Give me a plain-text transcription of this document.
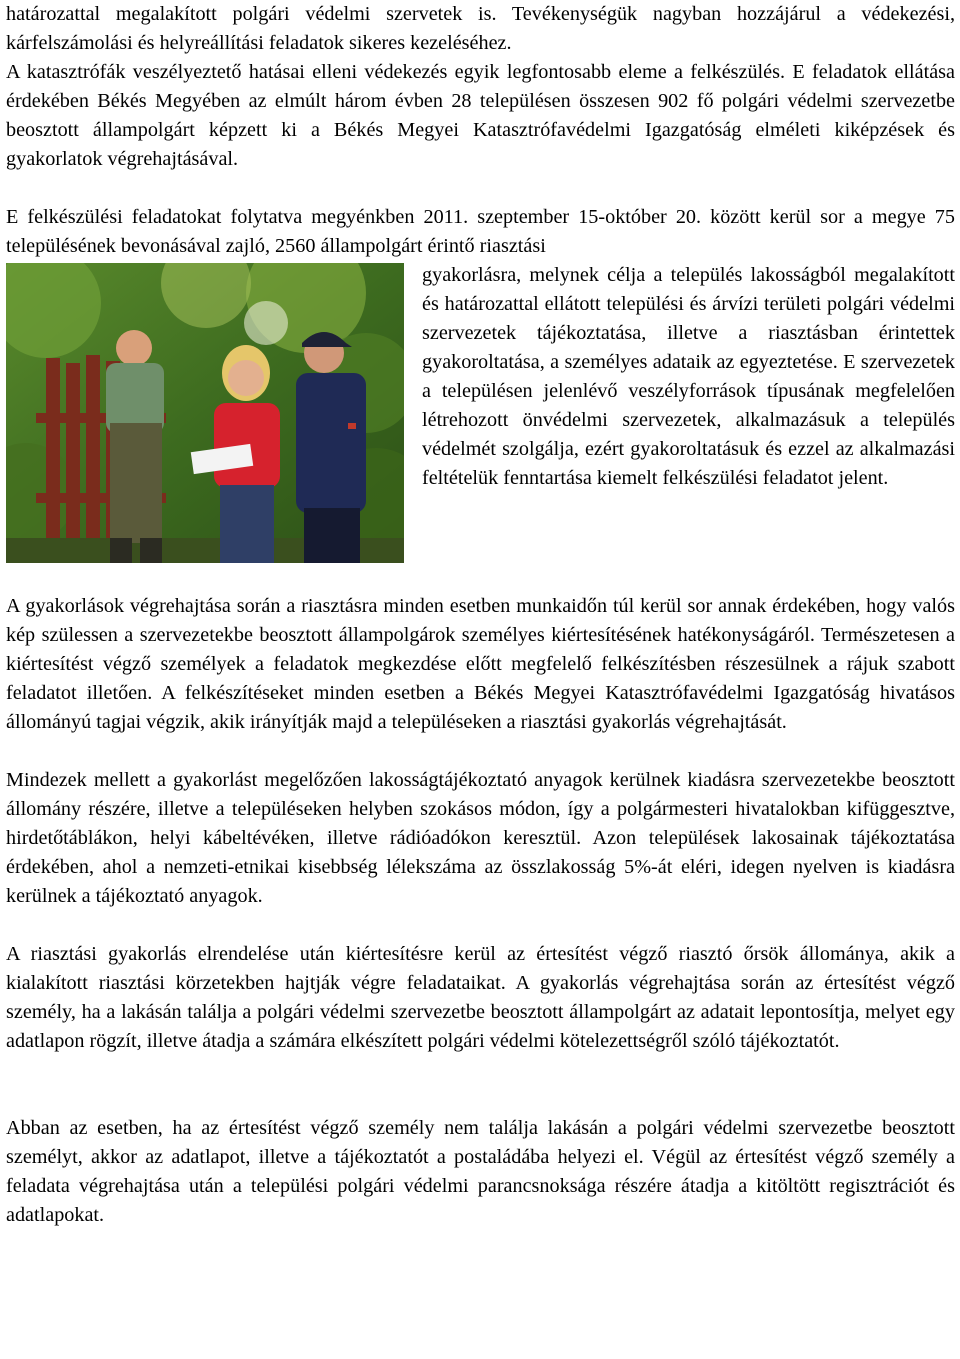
határozattal megalakított polgári védelmi szervetek is. Tevékenységük nagyban hozzájárul a védekezési, kárfelszámolási és helyreállítási feladatok sikeres kezeléséhez.

A katasztrófák veszélyeztető hatásai elleni védekezés egyik legfontosabb eleme a felkészülés. E feladatok ellátása érdekében Békés Megyében az elmúlt három évben 28 településen összesen 902 fő polgári védelmi szervezetbe beosztott állampolgárt képzett ki a Békés Megyei Katasztrófavédelmi Igazgatóság elméleti kiképzések és gyakorlatok végrehajtásával.

E felkészülési feladatokat folytatva megyénkben 2011. szeptember 15-október 20. között kerül sor a megye 75 településének bevonásával zajló, 2560 állampolgárt érintő riasztási

gyakorlásra, melynek célja a település lakosságból megalakított és határozattal ellátott települési és árvízi területi polgári védelmi szervezetek tájékoztatása, illetve a riasztásban érintettek gyakoroltatása, a személyes adataik az egyeztetése. E szervezetek a településen jelenlévő veszélyforrások típusának megfelelően létrehozott önvédelmi szervezetek, alkalmazásuk a település védelmét szolgálja, ezért gyakoroltatásuk és ezzel az alkalmazási feltételük fenntartása kiemelt felkészülési feladatot jelent.

A gyakorlások végrehajtása során a riasztásra minden esetben munkaidőn túl kerül sor annak érdekében, hogy valós kép szülessen a szervezetekbe beosztott állampolgárok személyes kiértesítésének hatékonyságáról. Természetesen a kiértesítést végző személyek a feladatok megkezdése előtt megfelelő felkészítésben részesülnek a rájuk szabott feladatot illetően. A felkészítéseket minden esetben a Békés Megyei Katasztrófavédelmi Igazgatóság hivatásos állományú tagjai végzik, akik irányítják majd a településeken a riasztási gyakorlás végrehajtását.

Mindezek mellett a gyakorlást megelőzően lakosságtájékoztató anyagok kerülnek kiadásra szervezetekbe beosztott állomány részére, illetve a településeken helyben szokásos módon, így a polgármesteri hivatalokban kifüggesztve, hirdetőtáblákon, helyi kábeltévéken, illetve rádióadókon keresztül. Azon települések lakosainak tájékoztatása érdekében, ahol a nemzeti-etnikai kisebbség lélekszáma az összlakosság 5%-át eléri, idegen nyelven is kiadásra kerülnek a tájékoztató anyagok.

A riasztási gyakorlás elrendelése után kiértesítésre kerül az értesítést végző riasztó őrsök állománya, akik a kialakított riasztási körzetekben hajtják végre feladataikat. A gyakorlás végrehajtása során az értesítést végző személy, ha a lakásán találja a polgári védelmi szervezetbe beosztott állampolgárt az adatait lepontosítja, melyet egy adatlapon rögzít, illetve átadja a számára elkészített polgári védelmi kötelezettségről szóló tájékoztatót.

Abban az esetben, ha az értesítést végző személy nem találja lakásán a polgári védelmi szervezetbe beosztott személyt, akkor az adatlapot, illetve a tájékoztatót a postaládába helyezi el. Végül az értesítést végző személy a feladata végrehajtása után a települési polgári védelmi parancsnoksága részére átadja a kitöltött regisztrációt és adatlapokat.
